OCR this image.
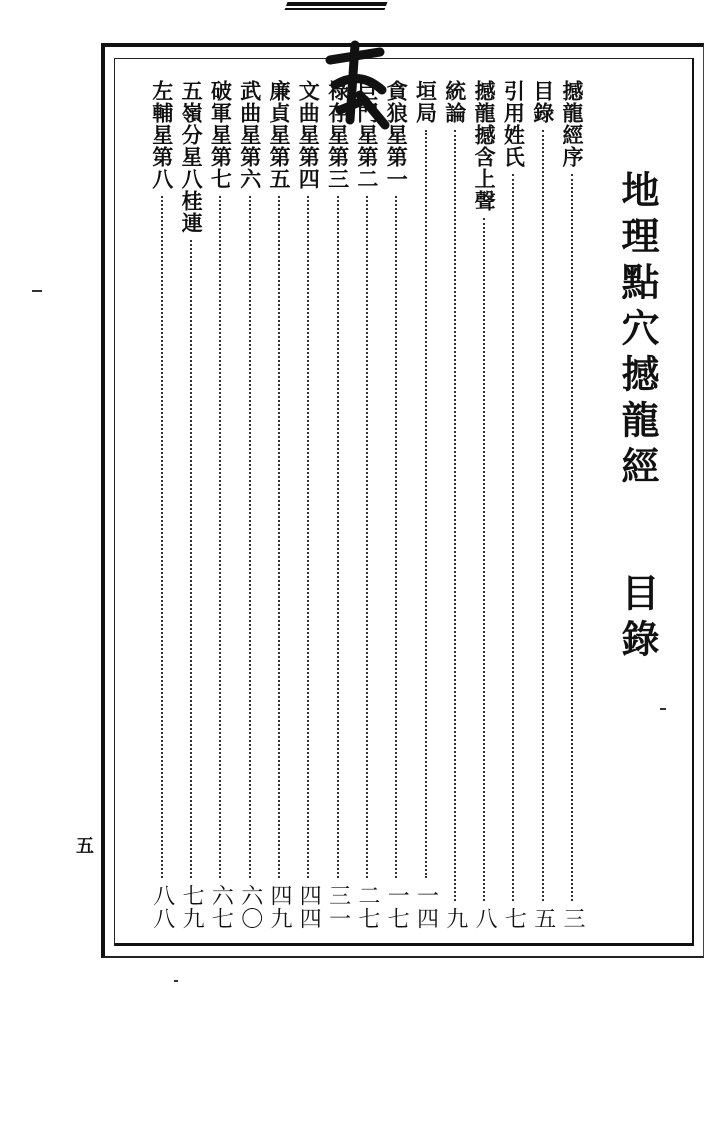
地理點穴撼龍經 目錄
撼龍經序
三
目錄
五
引用姓氏
七
撼龍撼含上聲
八
統論
九
垣局
一四
貪狼星第一
一七
巨門星第二
二七
祿存星第三
三一
文曲星第四
四四
廉貞星第五
四九
武曲星第六
六〇
破軍星第七
六七
五嶺分星八桂連
七九
左輔星第八
八八
五
